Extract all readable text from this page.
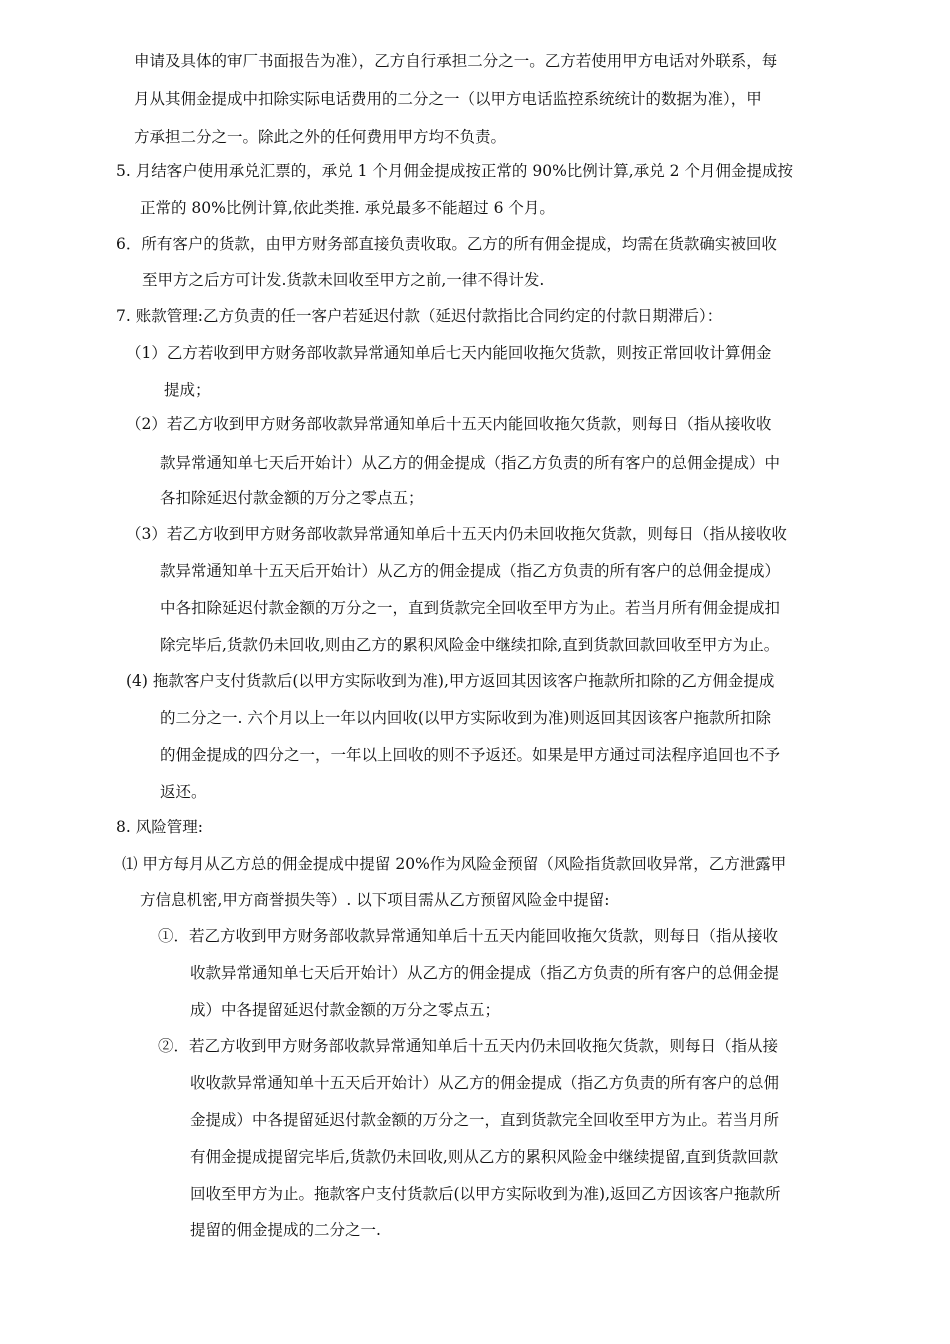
申请及具体的审厂书面报告为准），乙方自行承担二分之一。乙方若使用甲方电话对外联系，每
月从其佣金提成中扣除实际电话费用的二分之一（以甲方电话监控系统统计的数据为准），甲
方承担二分之一。除此之外的任何费用甲方均不负责。
5. 月结客户使用承兑汇票的，承兑 1 个月佣金提成按正常的 90%比例计算,承兑 2 个月佣金提成按
正常的 80%比例计算,依此类推. 承兑最多不能超过 6 个月。
6．所有客户的货款，由甲方财务部直接负责收取。乙方的所有佣金提成，均需在货款确实被回收
至甲方之后方可计发.货款未回收至甲方之前,一律不得计发.
7. 账款管理:乙方负责的任一客户若延迟付款（延迟付款指比合同约定的付款日期滞后）：
（1）乙方若收到甲方财务部收款异常通知单后七天内能回收拖欠货款，则按正常回收计算佣金
提成；
（2）若乙方收到甲方财务部收款异常通知单后十五天内能回收拖欠货款，则每日（指从接收收
款异常通知单七天后开始计）从乙方的佣金提成（指乙方负责的所有客户的总佣金提成）中
各扣除延迟付款金额的万分之零点五；
（3）若乙方收到甲方财务部收款异常通知单后十五天内仍未回收拖欠货款，则每日（指从接收收
款异常通知单十五天后开始计）从乙方的佣金提成（指乙方负责的所有客户的总佣金提成）
中各扣除延迟付款金额的万分之一，直到货款完全回收至甲方为止。若当月所有佣金提成扣
除完毕后,货款仍未回收,则由乙方的累积风险金中继续扣除,直到货款回款回收至甲方为止。
(4) 拖款客户支付货款后(以甲方实际收到为准),甲方返回其因该客户拖款所扣除的乙方佣金提成
的二分之一. 六个月以上一年以内回收(以甲方实际收到为准)则返回其因该客户拖款所扣除
的佣金提成的四分之一，一年以上回收的则不予返还。如果是甲方通过司法程序追回也不予
返还。
8. 风险管理:
⑴ 甲方每月从乙方总的佣金提成中提留 20%作为风险金预留（风险指货款回收异常，乙方泄露甲
方信息机密,甲方商誉损失等）. 以下项目需从乙方预留风险金中提留:
①．若乙方收到甲方财务部收款异常通知单后十五天内能回收拖欠货款，则每日（指从接收
收款异常通知单七天后开始计）从乙方的佣金提成（指乙方负责的所有客户的总佣金提
成）中各提留延迟付款金额的万分之零点五；
②．若乙方收到甲方财务部收款异常通知单后十五天内仍未回收拖欠货款，则每日（指从接
收收款异常通知单十五天后开始计）从乙方的佣金提成（指乙方负责的所有客户的总佣
金提成）中各提留延迟付款金额的万分之一，直到货款完全回收至甲方为止。若当月所
有佣金提成提留完毕后,货款仍未回收,则从乙方的累积风险金中继续提留,直到货款回款
回收至甲方为止。拖款客户支付货款后(以甲方实际收到为准),返回乙方因该客户拖款所
提留的佣金提成的二分之一.
